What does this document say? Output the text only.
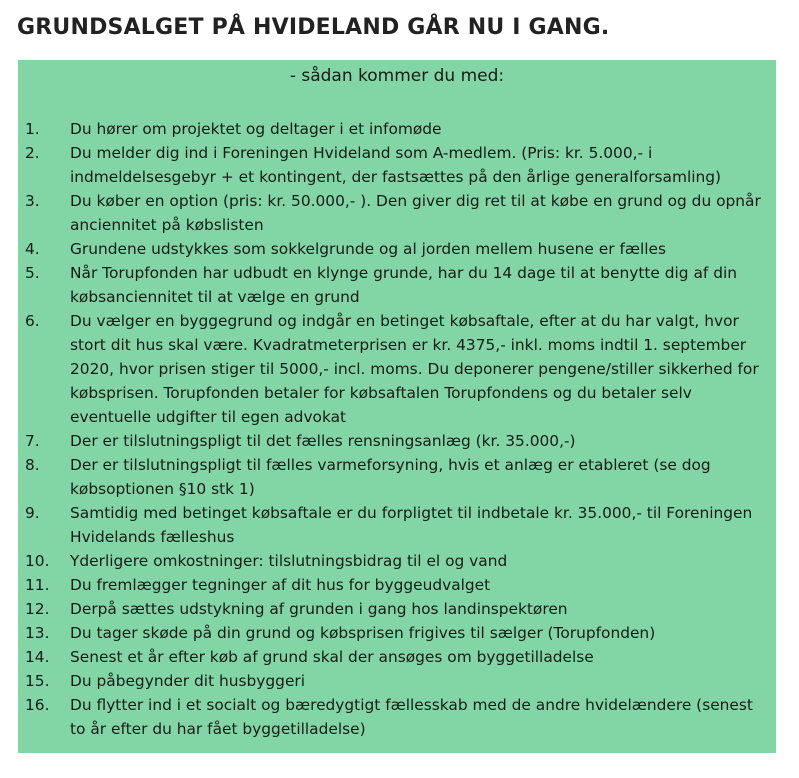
GRUNDSALGET PÅ HVIDELAND GÅR NU I GANG.
- sådan kommer du med:
1. Du hører om projektet og deltager i et infomøde
2. Du melder dig ind i Foreningen Hvideland som A-medlem. (Pris: kr. 5.000,- i indmeldelsesgebyr + et kontingent, der fastsættes på den årlige generalforsamling)
3. Du køber en option (pris: kr. 50.000,- ). Den giver dig ret til at købe en grund og du opnår anciennitet på købslisten
4. Grundene udstykkes som sokkelgrunde og al jorden mellem husene er fælles
5. Når Torupfonden har udbudt en klynge grunde, har du 14 dage til at benytte dig af din købsanciennitet til at vælge en grund
6. Du vælger en byggegrund og indgår en betinget købsaftale, efter at du har valgt, hvor stort dit hus skal være. Kvadratmeterprisen er kr. 4375,- inkl. moms indtil 1. september 2020, hvor prisen stiger til 5000,- incl. moms. Du deponerer pengene/stiller sikkerhed for købsprisen. Torupfonden betaler for købsaftalen Torupfondens og du betaler selv eventuelle udgifter til egen advokat
7. Der er tilslutningspligt til det fælles rensningsanlæg (kr. 35.000,-)
8. Der er tilslutningspligt til fælles varmeforsyning, hvis et anlæg er etableret (se dog købsoptionen §10 stk 1)
9. Samtidig med betinget købsaftale er du forpligtet til indbetale kr. 35.000,- til Foreningen Hvidelands fælleshus
10. Yderligere omkostninger: tilslutningsbidrag til el og vand
11. Du fremlægger tegninger af dit hus for byggeudvalget
12. Derpå sættes udstykning af grunden i gang hos landinspektøren
13. Du tager skøde på din grund og købsprisen frigives til sælger (Torupfonden)
14. Senest et år efter køb af grund skal der ansøges om byggetilladelse
15. Du påbegynder dit husbyggeri
16. Du flytter ind i et socialt og bæredygtigt fællesskab med de andre hvidelændere (senest to år efter du har fået byggetilladelse)
